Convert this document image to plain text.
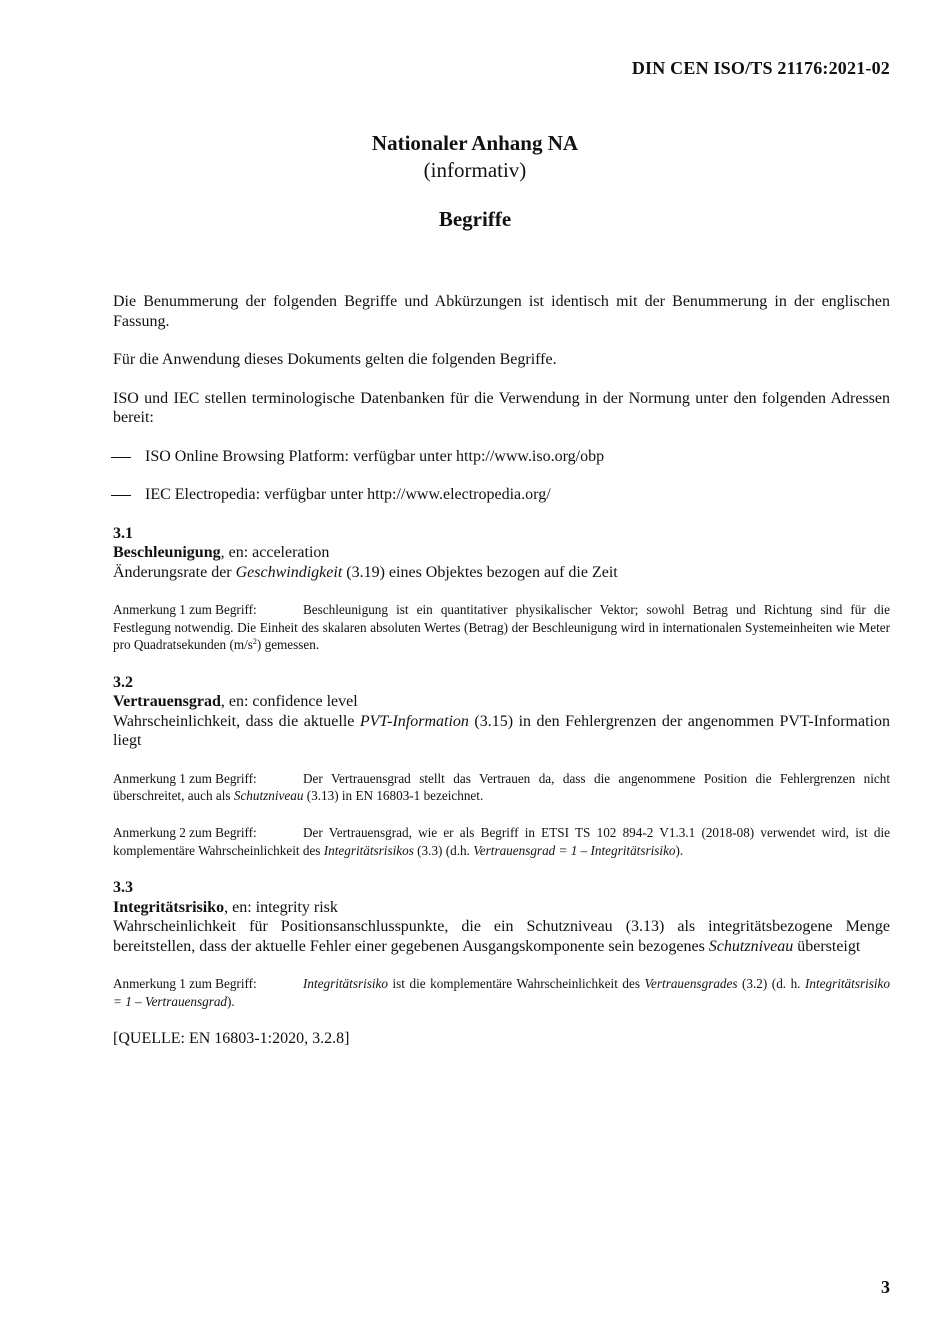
DIN CEN ISO/TS 21176:2021-02
Nationaler Anhang NA
(informativ)
Begriffe

Die Benummerung der folgenden Begriffe und Abkürzungen ist identisch mit der Benummerung in der englischen Fassung.

Für die Anwendung dieses Dokuments gelten die folgenden Begriffe.

ISO und IEC stellen terminologische Datenbanken für die Verwendung in der Normung unter den folgenden Adressen bereit:

ISO Online Browsing Platform: verfügbar unter http://www.iso.org/obp
IEC Electropedia: verfügbar unter http://www.electropedia.org/

3.1

Beschleunigung, en: acceleration

Änderungsrate der Geschwindigkeit (3.19) eines Objektes bezogen auf die Zeit

Anmerkung 1 zum Begriff:	Beschleunigung ist ein quantitativer physikalischer Vektor; sowohl Betrag und Richtung sind für die Festlegung notwendig. Die Einheit des skalaren absoluten Wertes (Betrag) der Beschleunigung wird in internationalen Systemeinheiten wie Meter pro Quadratsekunden $(m/s^2)$ gemessen.

3.2

Vertrauensgrad, en: confidence level

Wahrscheinlichkeit, dass die aktuelle PVT-Information (3.15) in den Fehlergrenzen der angenommen PVT-Information liegt

Anmerkung 1 zum Begriff:	Der Vertrauensgrad stellt das Vertrauen da, dass die angenommene Position die Fehlergrenzen nicht überschreitet, auch als Schutzniveau (3.13) in EN 16803-1 bezeichnet.

Anmerkung 2 zum Begriff:	Der Vertrauensgrad, wie er als Begriff in ETSI TS 102 894-2 V1.3.1 (2018-08) verwendet wird, ist die komplementäre Wahrscheinlichkeit des Integritätsrisikos (3.3) (d.h. Vertrauensgrad = 1 – Integritätsrisiko).

3.3

Integritätsrisiko, en: integrity risk

Wahrscheinlichkeit für Positionsanschlusspunkte, die ein Schutzniveau (3.13) als integritätsbezogene Menge bereitstellen, dass der aktuelle Fehler einer gegebenen Ausgangskomponente sein bezogenes Schutzniveau übersteigt

Anmerkung 1 zum Begriff:	Integritätsrisiko ist die komplementäre Wahrscheinlichkeit des Vertrauensgrades (3.2) (d. h. Integritätsrisiko = 1 – Vertrauensgrad).

[QUELLE: EN 16803-1:2020, 3.2.8]

3
